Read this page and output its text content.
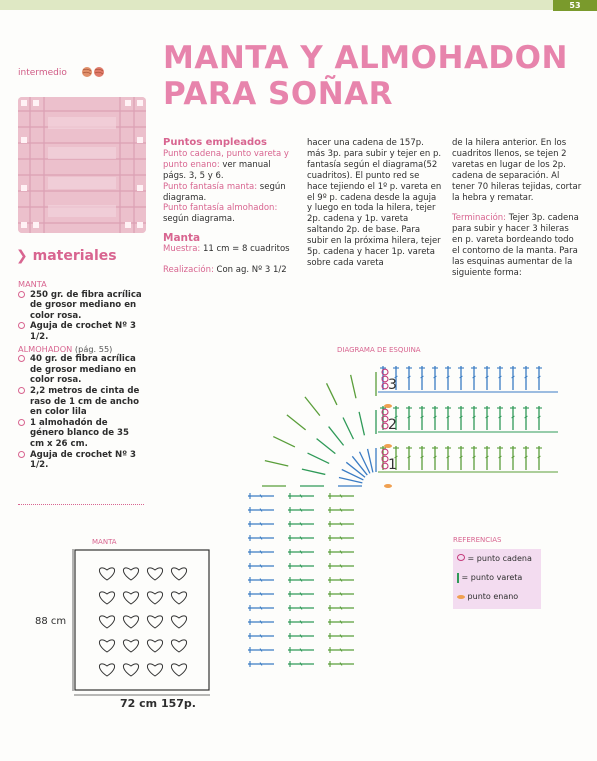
53
intermedio	MANTA Y ALMOHADON
PARA SOÑAR
❯ materiales
MANTA
250 gr. de fibra acrílica de grosor mediano en color rosa.
Aguja de crochet Nº 3 1/2.
ALMOHADON (pág. 55)
40 gr. de fibra acrílica de grosor mediano en color rosa.
2,2 metros de cinta de raso de 1 cm de ancho en color lila
1 almohadón de género blanco de 35 cm x 26 cm.
Aguja de crochet Nº 3 1/2.
Puntos empleados
Punto cadena, punto vareta y punto enano: ver manual págs. 3, 5 y 6.
Punto fantasía manta: según diagrama.
Punto fantasía almohadon: según diagrama.
Manta
Muestra: 11 cm = 8 cuadritos
Realización: Con ag. Nº 3 1/2
hacer una cadena de 157p. más 3p. para subir y tejer en p. fantasía según el diagrama(52 cuadritos). El punto red se hace tejiendo el 1º p. vareta en el 9º p. cadena desde la aguja y luego en toda la hilera, tejer 2p. cadena y 1p. vareta saltando 2p. de base. Para subir en la próxima hilera, tejer 5p. cadena y hacer 1p. vareta sobre cada vareta
de la hilera anterior. En los cuadritos llenos, se tejen 2 varetas en lugar de los 2p. cadena de separación. Al tener 70 hileras tejidas, cortar la hebra y rematar.
Terminación: Tejer 3p. cadena para subir y hacer 3 hileras en p. vareta bordeando todo el contorno de la manta. Para las esquinas aumentar de la siguiente forma:
DIAGRAMA DE ESQUINA
3
2
1
REFERENCIAS
= punto cadena
= punto vareta
punto enano
MANTA
88 cm
72 cm 157p.
